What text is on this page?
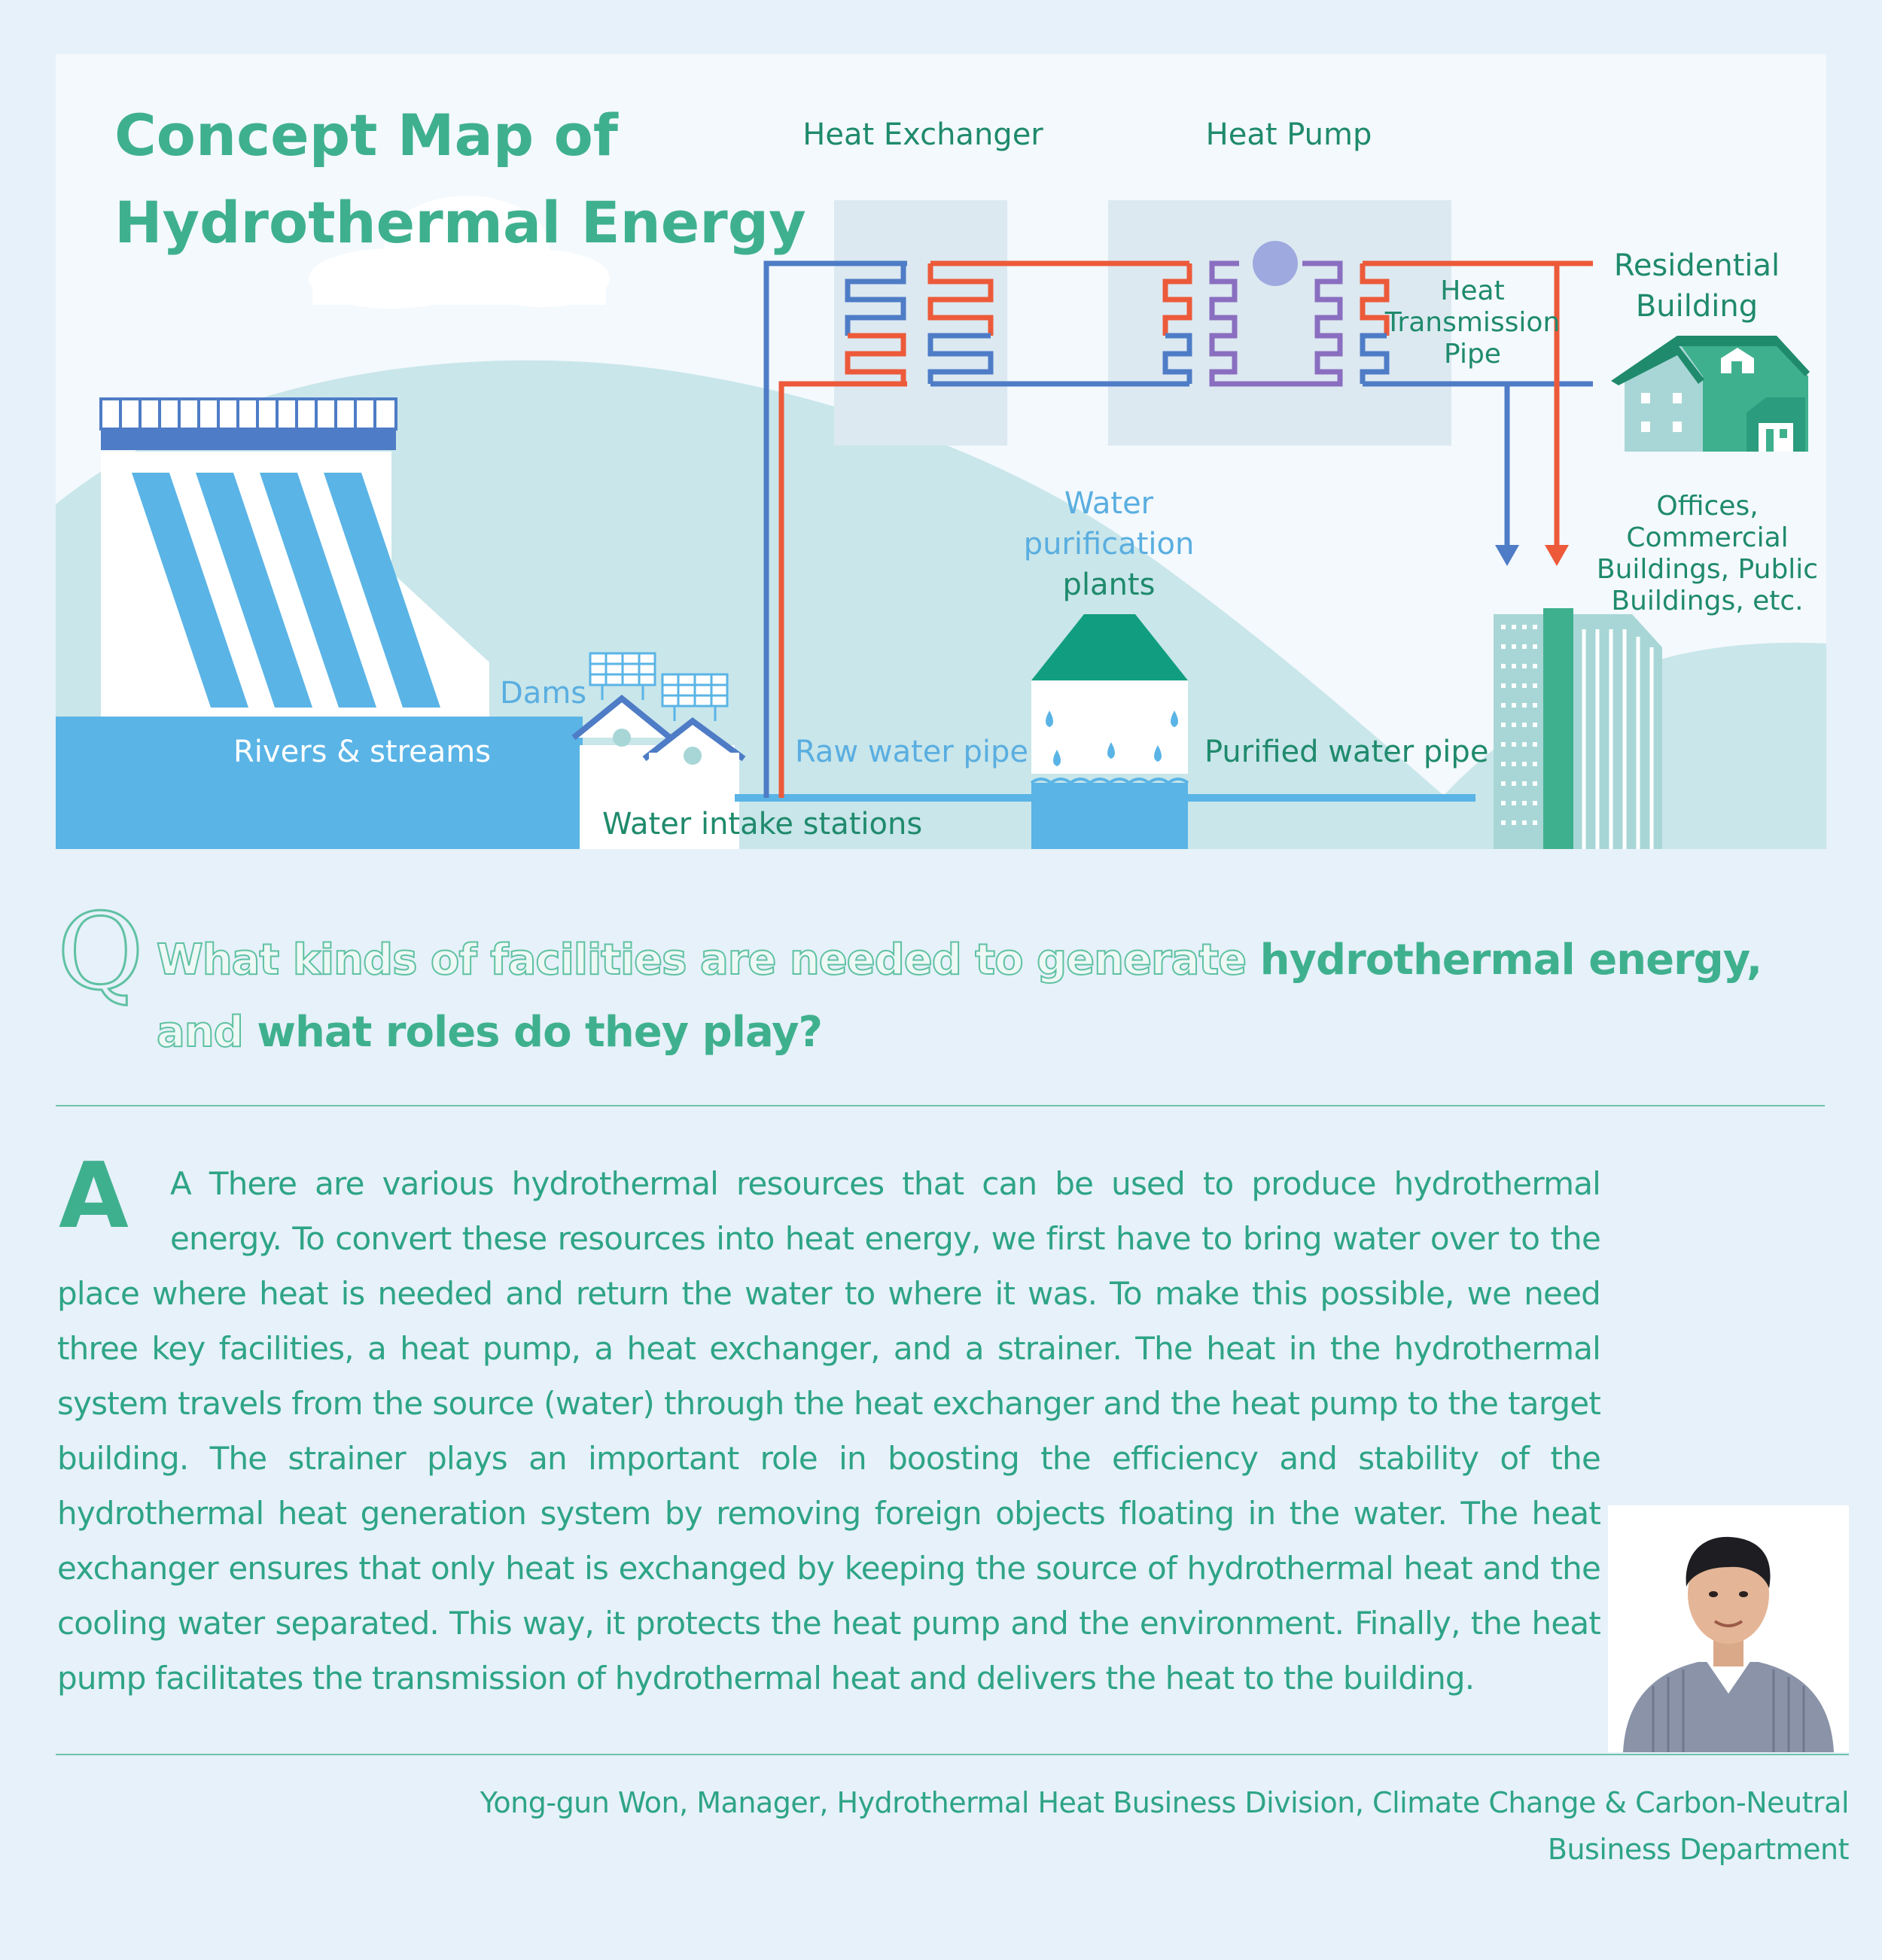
Concept Map of
Hydrothermal Energy
Heat Exchanger	Heat Pump
Residential
Building
Heat
Transmission
Pipe
Water
purification
plants
Offices,
Commercial
Buildings, Public
Buildings, etc.
Dams
Rivers & streams	Raw water pipe	Purified water pipe
Water intake stations
Q What kinds of facilities are needed to generate hydrothermal energy,
and what roles do they play?

A	A There are various hydrothermal resources that can be used to produce hydrothermal energy. To convert these resources into heat energy, we first have to bring water over to the place where heat is needed and return the water to where it was. To make this possible, we need three key facilities, a heat pump, a heat exchanger, and a strainer. The heat in the hydrothermal system travels from the source (water) through the heat exchanger and the heat pump to the target building. The strainer plays an important role in boosting the efficiency and stability of the hydrothermal heat generation system by removing foreign objects floating in the water. The heat exchanger ensures that only heat is exchanged by keeping the source of hydrothermal heat and the cooling water separated. This way, it protects the heat pump and the environment. Finally, the heat pump facilitates the transmission of hydrothermal heat and delivers the heat to the building.

Yong-gun Won, Manager, Hydrothermal Heat Business Division, Climate Change & Carbon-Neutral Business Department
